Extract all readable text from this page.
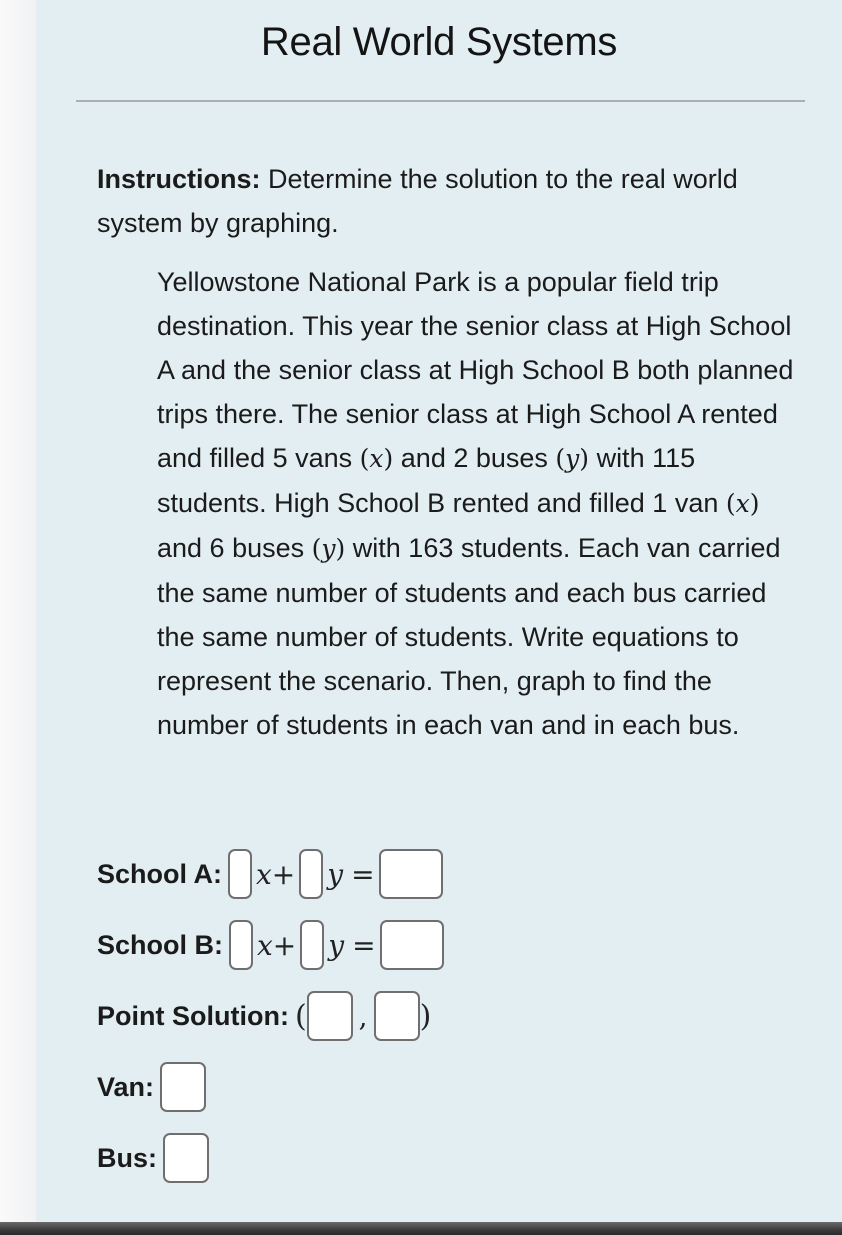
Real World Systems
Instructions: Determine the solution to the real world system by graphing.
Yellowstone National Park is a popular field trip destination. This year the senior class at High School A and the senior class at High School B both planned trips there. The senior class at High School A rented and filled 5 vans (x) and 2 buses (y) with 115 students. High School B rented and filled 1 van (x) and 6 buses (y) with 163 students. Each van carried the same number of students and each bus carried the same number of students. Write equations to represent the scenario. Then, graph to find the number of students in each van and in each bus.
School A: x+ y =
School B: x+ y =
Point Solution: ( , )
Van:
Bus:
